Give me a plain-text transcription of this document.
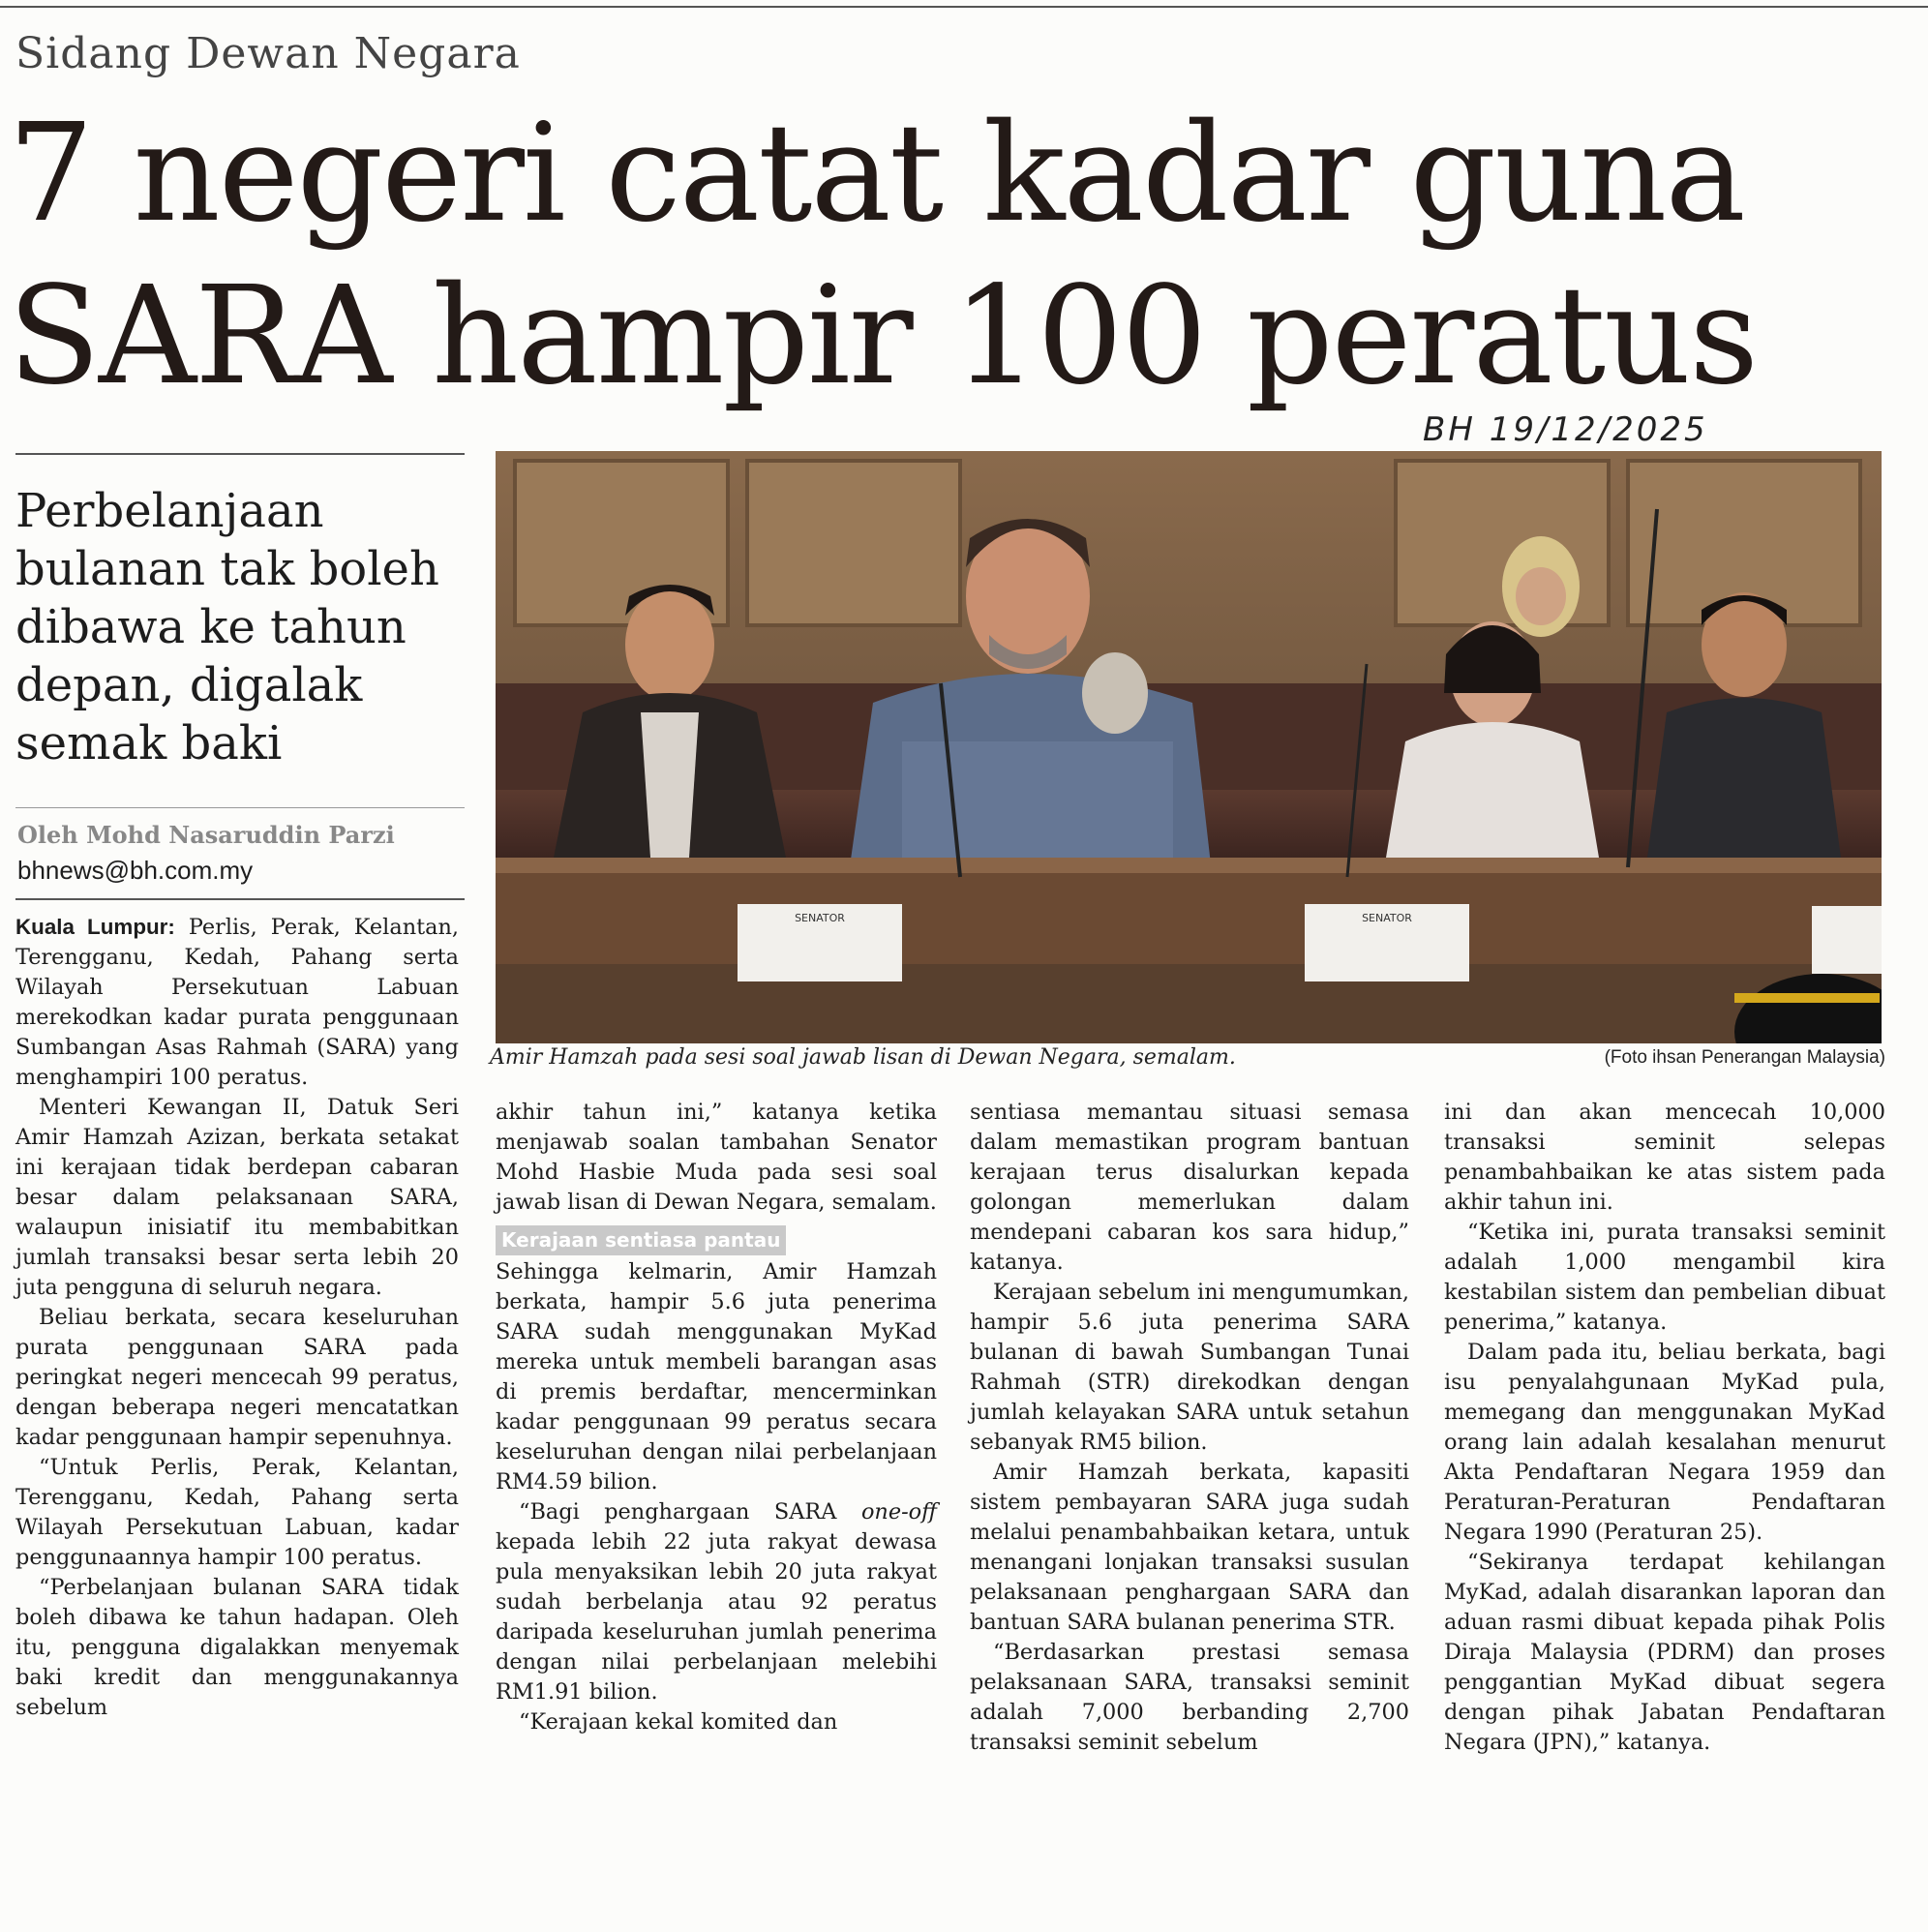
Sidang Dewan Negara
7 negeri catat kadar guna
SARA hampir 100 peratus
BH 19/12/2025
Perbelanjaan bulanan tak boleh dibawa ke tahun depan, digalak semak baki
Oleh Mohd Nasaruddin Parzi
bhnews@bh.com.my
SENATOR	SENATOR
Amir Hamzah pada sesi soal jawab lisan di Dewan Negara, semalam.	(Foto ihsan Penerangan Malaysia)

Kuala Lumpur: Perlis, Perak, Kelantan, Terengganu, Kedah, Pahang serta Wilayah Persekutuan Labuan merekodkan kadar purata penggunaan Sumbangan Asas Rahmah (SARA) yang menghampiri 100 peratus.

Menteri Kewangan II, Datuk Seri Amir Hamzah Azizan, berkata setakat ini kerajaan tidak berdepan cabaran besar dalam pelaksanaan SARA, walaupun inisiatif itu membabitkan jumlah transaksi besar serta lebih 20 juta pengguna di seluruh negara.

Beliau berkata, secara keseluruhan purata penggunaan SARA pada peringkat negeri mencecah 99 peratus, dengan beberapa negeri mencatatkan kadar penggunaan hampir sepenuhnya.

“Untuk Perlis, Perak, Kelantan, Terengganu, Kedah, Pahang serta Wilayah Persekutuan Labuan, kadar penggunaannya hampir 100 peratus.

“Perbelanjaan bulanan SARA tidak boleh dibawa ke tahun hadapan. Oleh itu, pengguna digalakkan menyemak baki kredit dan menggunakannya sebelum

akhir tahun ini,” katanya ketika menjawab soalan tambahan Senator Mohd Hasbie Muda pada sesi soal jawab lisan di Dewan Negara, semalam.

Kerajaan sentiasa pantau

Sehingga kelmarin, Amir Hamzah berkata, hampir 5.6 juta penerima SARA sudah menggunakan MyKad mereka untuk membeli barangan asas di premis berdaftar, mencerminkan kadar penggunaan 99 peratus secara keseluruhan dengan nilai perbelanjaan RM4.59 bilion.

“Bagi penghargaan SARA one-off kepada lebih 22 juta rakyat dewasa pula menyaksikan lebih 20 juta rakyat sudah berbelanja atau 92 peratus daripada keseluruhan jumlah penerima dengan nilai perbelanjaan melebihi RM1.91 bilion.

“Kerajaan kekal komited dan

sentiasa memantau situasi semasa dalam memastikan program bantuan kerajaan terus disalurkan kepada golongan memerlukan dalam mendepani cabaran kos sara hidup,” katanya.

Kerajaan sebelum ini mengumumkan, hampir 5.6 juta penerima SARA bulanan di bawah Sumbangan Tunai Rahmah (STR) direkodkan dengan jumlah kelayakan SARA untuk setahun sebanyak RM5 bilion.

Amir Hamzah berkata, kapasiti sistem pembayaran SARA juga sudah melalui penambahbaikan ketara, untuk menangani lonjakan transaksi susulan pelaksanaan penghargaan SARA dan bantuan SARA bulanan penerima STR.

“Berdasarkan prestasi semasa pelaksanaan SARA, transaksi seminit adalah 7,000 berbanding 2,700 transaksi seminit sebelum

ini dan akan mencecah 10,000 transaksi seminit selepas penambahbaikan ke atas sistem pada akhir tahun ini.

“Ketika ini, purata transaksi seminit adalah 1,000 mengambil kira kestabilan sistem dan pembelian dibuat penerima,” katanya.

Dalam pada itu, beliau berkata, bagi isu penyalahgunaan MyKad pula, memegang dan menggunakan MyKad orang lain adalah kesalahan menurut Akta Pendaftaran Negara 1959 dan Peraturan-Peraturan Pendaftaran Negara 1990 (Peraturan 25).

“Sekiranya terdapat kehilangan MyKad, adalah disarankan laporan dan aduan rasmi dibuat kepada pihak Polis Diraja Malaysia (PDRM) dan proses penggantian MyKad dibuat segera dengan pihak Jabatan Pendaftaran Negara (JPN),” katanya.
